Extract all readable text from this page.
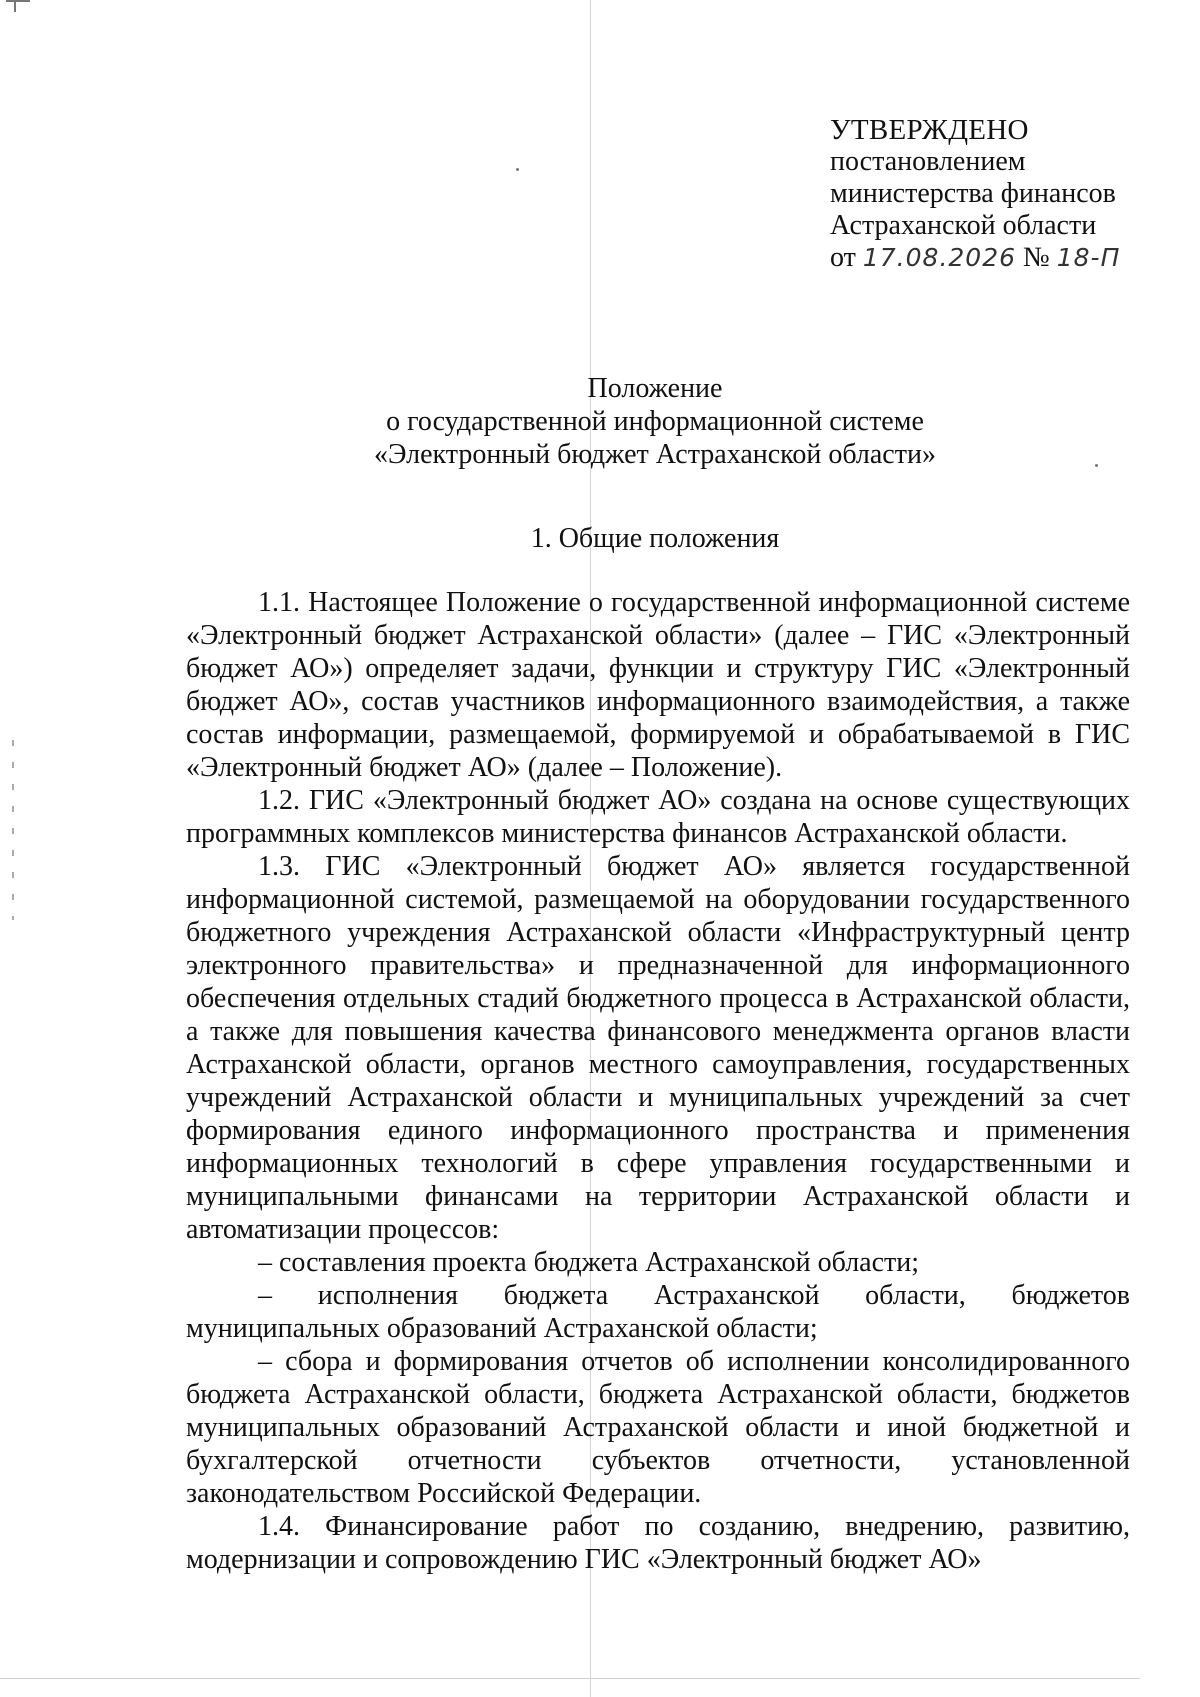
УТВЕРЖДЕНО
постановлением
министерства финансов
Астраханской области
от 17.08.2026 № 18-П
Положение
о государственной информационной системе
«Электронный бюджет Астраханской области»
1. Общие положения

1.1. Настоящее Положение о государственной информационной системе «Электронный бюджет Астраханской области» (далее – ГИС «Электронный бюджет АО») определяет задачи, функции и структуру ГИС «Электронный бюджет АО», состав участников информационного взаимодействия, а также состав информации, размещаемой, формируемой и обрабатываемой в ГИС «Электронный бюджет АО» (далее – Положение).

1.2. ГИС «Электронный бюджет АО» создана на основе существующих программных комплексов министерства финансов Астраханской области.

1.3. ГИС «Электронный бюджет АО» является государственной информационной системой, размещаемой на оборудовании государственного бюджетного учреждения Астраханской области «Инфраструктурный центр электронного правительства» и предназначенной для информационного обеспечения отдельных стадий бюджетного процесса в Астраханской области, а также для повышения качества финансового менеджмента органов власти Астраханской области, органов местного самоуправления, государственных учреждений Астраханской области и муниципальных учреждений за счет формирования единого информационного пространства и применения информационных технологий в сфере управления государственными и муниципальными финансами на территории Астраханской области и автоматизации процессов:

– составления проекта бюджета Астраханской области;

– исполнения бюджета Астраханской области, бюджетов муниципальных образований Астраханской области;

– сбора и формирования отчетов об исполнении консолидированного бюджета Астраханской области, бюджета Астраханской области, бюджетов муниципальных образований Астраханской области и иной бюджетной и бухгалтерской отчетности субъектов отчетности, установленной законодательством Российской Федерации.

1.4. Финансирование работ по созданию, внедрению, развитию, модернизации и сопровождению ГИС «Электронный бюджет АО»
